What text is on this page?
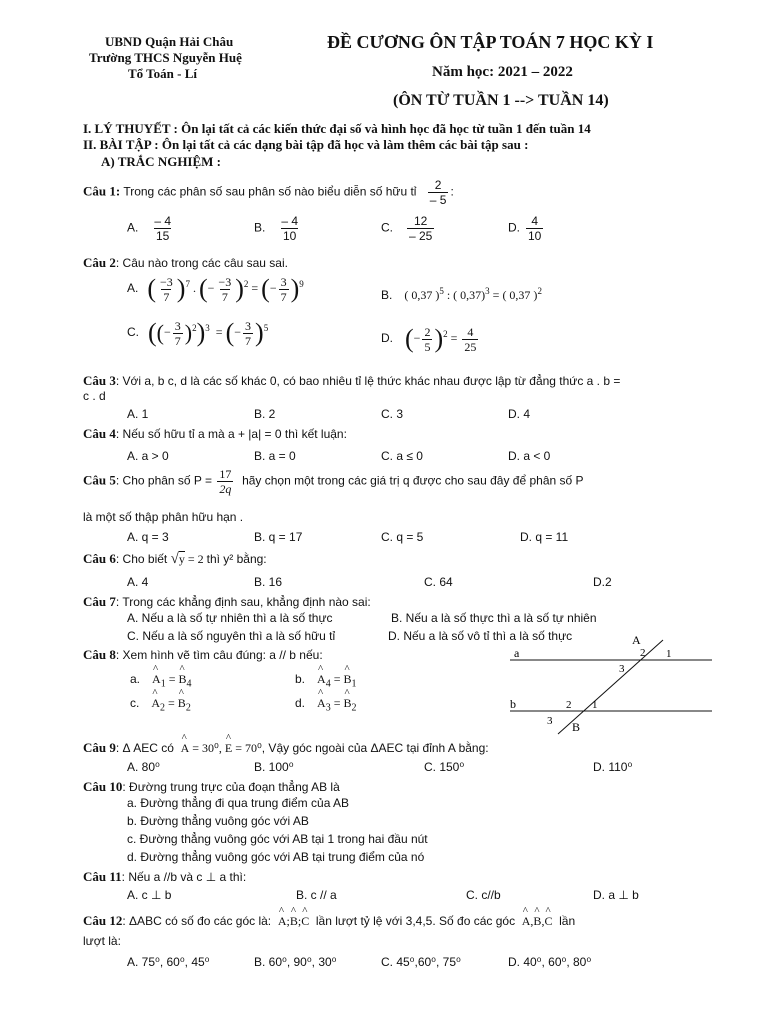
UBND Quận Hải Châu
Trường THCS Nguyễn Huệ
Tổ Toán - Lí
ĐỀ CƯƠNG ÔN TẬP TOÁN 7 HỌC KỲ I
Năm học: 2021 – 2022
(ÔN TỪ TUẦN 1 --> TUẦN 14)
I. LÝ THUYẾT : Ôn lại tất cả các kiến thức đại số và hình học đã học từ tuần 1 đến tuần 14
II. BÀI TẬP : Ôn lại tất cả các dạng bài tập đã học và làm thêm các bài tập sau :
A) TRẮC NGHIỆM :
Câu 1: Trong các phân số sau phân số nào biểu diễn số hữu tỉ $\frac{2}{- 5}$ :
A. $\frac{- 4}{15}$	B. $\frac{- 4}{10}$	C. $\frac{12}{- 25}$	D. $\frac{4}{10}$
Câu 2: Câu nào trong các câu sau sai.
A. ( $\frac{-3}{7} )^7$ . (− $\frac{-3}{7} )^2$ = (− $\frac{3}{7} )^9$
B.    ( 0,37 )$^5$ : ( 0,37)$^3$ = ( 0,37 )$^2$
C. ((− $\frac{3}{7} )^2)^3$  = (− $\frac{3}{7} )^5$
D. (− $\frac{2}{5} )^2 = \frac{4}{25}$
Câu 3: Với a, b c, d là các số khác 0, có bao nhiêu tỉ lệ thức khác nhau được lập từ đẳng thức a . b =
c . d
A. 1	B. 2	C. 3	D. 4
Câu 4: Nếu số hữu tỉ a mà a + |a| = 0 thì kết luận:
A. a > 0	B. a = 0	C. a ≤ 0	D. a < 0
Câu 5: Cho phân số $P = \frac{17}{2q}$ hãy chọn một trong các giá trị q được cho sau đây để phân số P
là một số thập phân hữu hạn .
A. q = 3	B. q = 17	C. q = 5	D. q = 11
Câu 6: Cho biết √y = 2 thì y² bằng:
A. 4	B. 16	C. 64	D.2
Câu 7: Trong các khẳng định sau, khẳng định nào sai:
A. Nếu a là số tự nhiên thì a là số thực	B. Nếu a là số thực thì a là số tự nhiên
C. Nếu a là số nguyên thì a là số hữu tỉ	D. Nếu a là số vô tỉ thì a là số thực
Câu 8: Xem hình vẽ tìm câu đúng: a // b nếu:
a. ^ $A_1$ = ^ $B_4$	b. ^ $A_4$ = ^ $B_1$
c. ^ $A_2$ = ^ $B_2$	d. ^ $A_3$ = ^ $B_2$
a
b
A
B
1
2
3
1
2
3
Câu 9: Δ AEC có ^ A = 30⁰, ^ E = 70⁰, Vậy góc ngoài của ΔAEC tại đỉnh A bằng:
A. 80⁰	B. 100⁰	C. 150⁰	D. 110⁰
Câu 10: Đường trung trực của đoạn thẳng AB là
a. Đường thẳng đi qua trung điểm của AB
b. Đường thẳng vuông góc với AB
c. Đường thẳng vuông góc với AB tại 1 trong hai đầu nút
d. Đường thẳng vuông góc với AB tại trung điểm của nó
Câu 11: Nếu a //b và c ⊥ a thì:
A. c ⊥ b	B. c // a	C. c//b	D. a ⊥ b
Câu 12: ΔABC có số đo các góc là: ^ A;^ B;^ C lần lượt tỷ lệ với 3,4,5. Số đo các góc ^ A,^ B,^ C lần
lượt là:
A. 75⁰, 60⁰, 45⁰	B. 60⁰, 90⁰, 30⁰	C. 45⁰,60⁰, 75⁰	D. 40⁰, 60⁰, 80⁰
